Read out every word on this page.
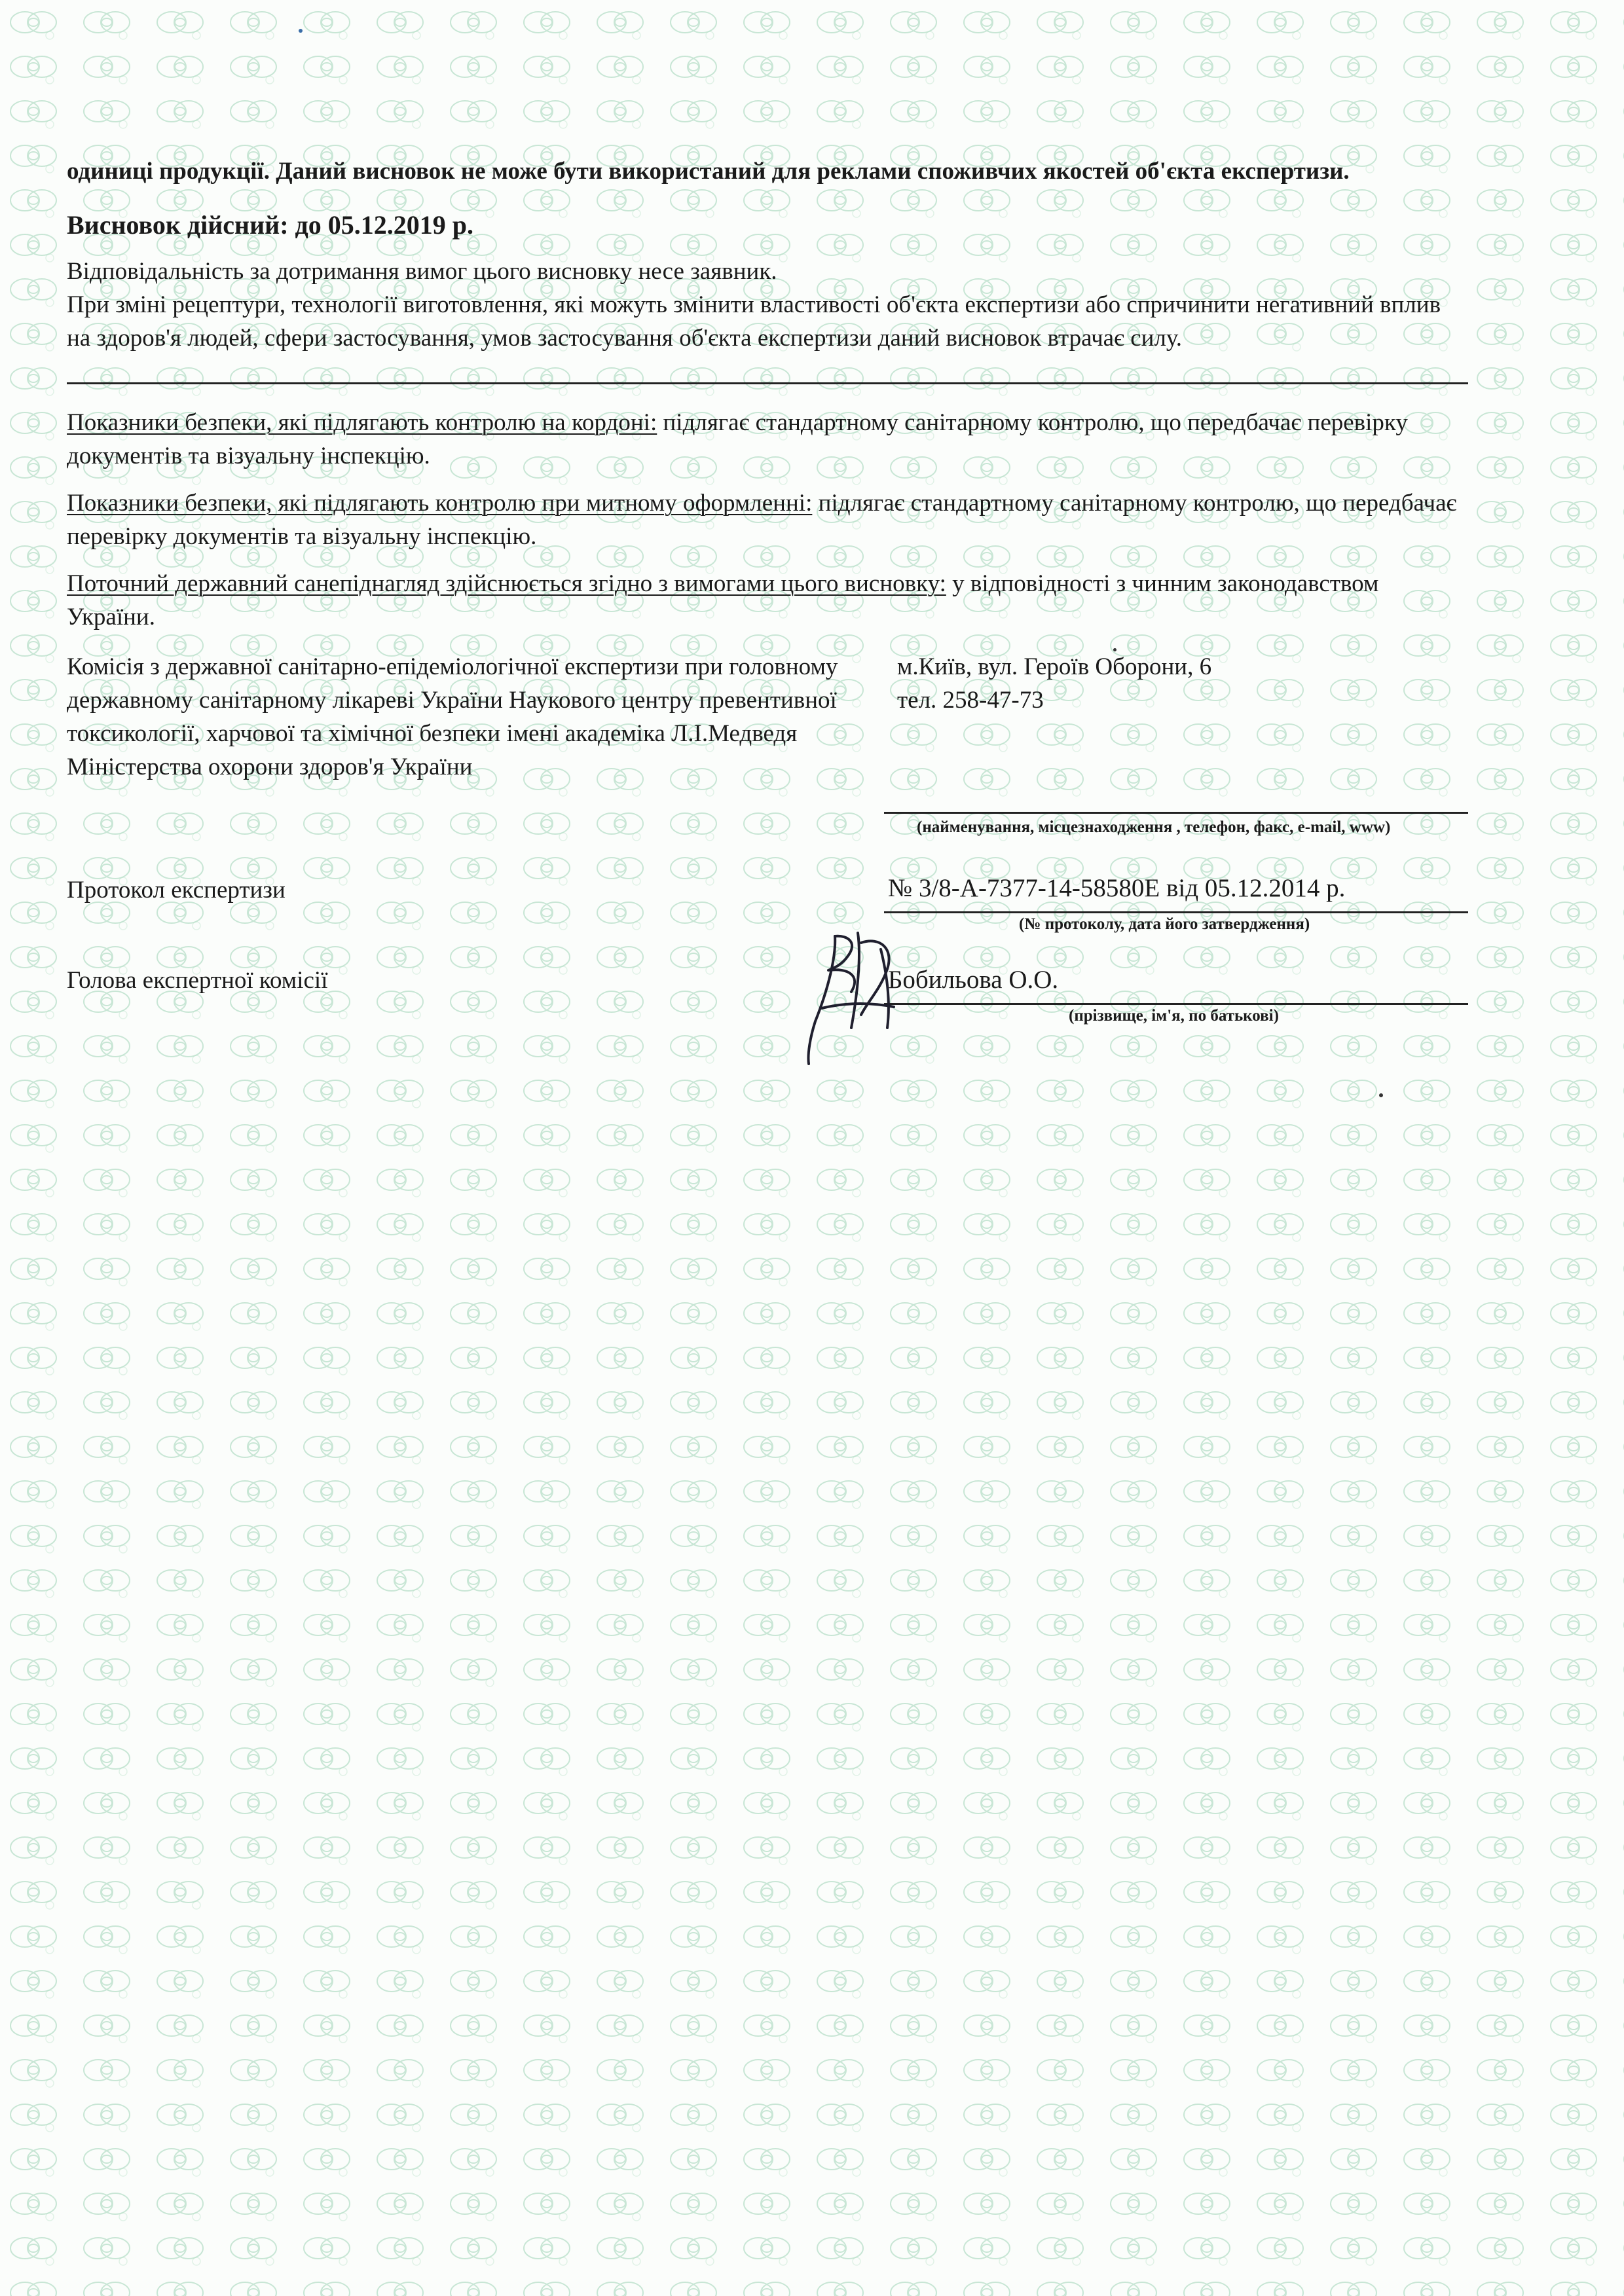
одиниці продукції. Даний висновок не може бути використаний для реклами споживчих якостей об'єкта експертизи.

Висновок дійсний: до 05.12.2019 р.

Відповідальність за дотримання вимог цього висновку несе заявник.

При зміні рецептури, технології виготовлення, які можуть змінити властивості об'єкта експертизи або спричинити негативний вплив на здоров'я людей, сфери застосування, умов застосування об'єкта експертизи даний висновок втрачає силу.

Показники безпеки, які підлягають контролю на кордоні: підлягає стандартному санітарному контролю, що передбачає перевірку документів та візуальну інспекцію.

Показники безпеки, які підлягають контролю при митному оформленні: підлягає стандартному санітарному контролю, що передбачає перевірку документів та візуальну інспекцію.

Поточний державний санепіднагляд здійснюється згідно з вимогами цього висновку: у відповідності з чинним законодавством України.

Комісія з державної санітарно-епідеміологічної експертизи при головному державному санітарному лікареві України Наукового центру превентивної токсикології, харчової та хімічної безпеки імені академіка Л.І.Медведя Міністерства охорони здоров'я України
м.Київ, вул. Героїв Оборони, 6
тел. 258-47-73
(найменування, місцезнаходження , телефон, факс, e-mail, www)
Протокол експертизи	№ 3/8-А-7377-14-58580Е від 05.12.2014 р.
(№ протоколу, дата його затвердження)
Голова експертної комісії	Бобильова О.О.
(прізвище, ім'я, по батькові)
